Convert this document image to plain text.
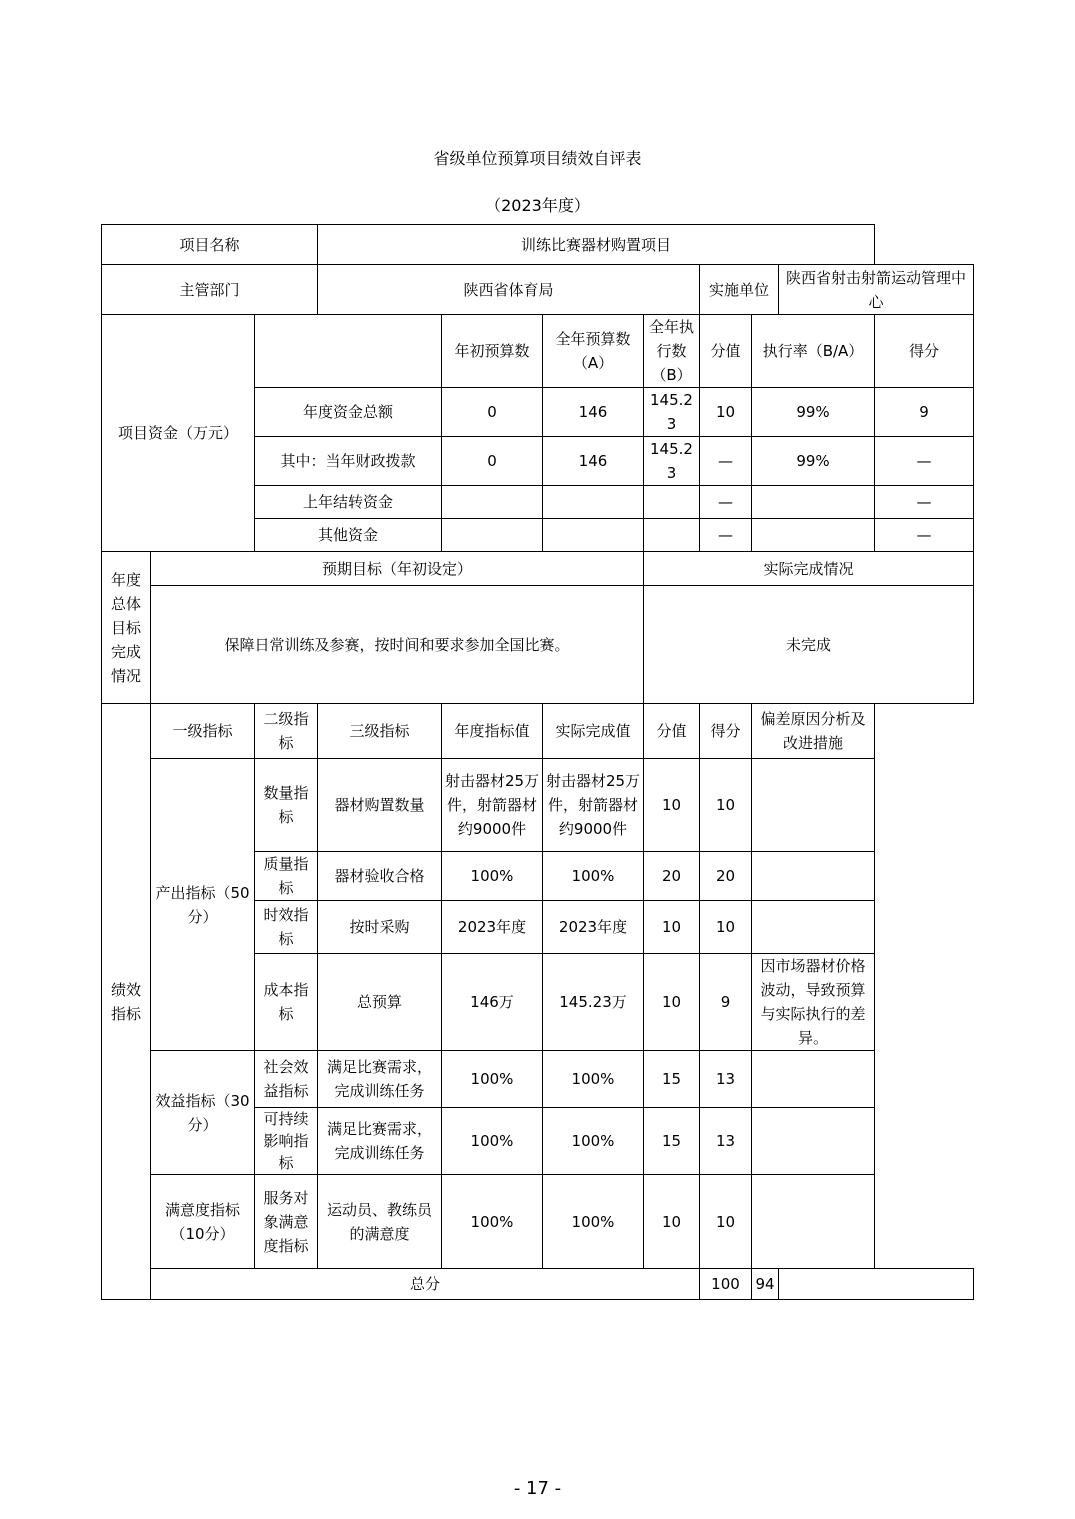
省级单位预算项目绩效自评表
（2023年度）
项目名称			训练比赛器材购置项目							
主管部门			陕西省体育局				实施单位		陕西省射击射箭运动管理中心	
项目资金（万元）				年初预算数	全年预算数（A）	全年执行数（B）	分值	执行率（B/A）		得分
		年度资金总额		0	146	145.23	10	99%		9
		其中：当年财政拨款		0	146	145.23	—	99%		—
		上年结转资金					—			—
		其他资金					—			—
年度总体目标完成情况	预期目标（年初设定）					实际完成情况				
	保障日常训练及参赛，按时间和要求参加全国比赛。					未完成				
绩效指标	一级指标	二级指标	三级指标	年度指标值	实际完成值	分值	得分	偏差原因分析及改进措施		
	产出指标（50分）	数量指标	器材购置数量	射击器材25万件，射箭器材约9000件	射击器材25万件，射箭器材约9000件	10	10			
		质量指标	器材验收合格	100%	100%	20	20			
		时效指标	按时采购	2023年度	2023年度	10	10			
		成本指标	总预算	146万	145.23万	10	9	因市场器材价格波动，导致预算与实际执行的差异。		
	效益指标（30分）	社会效益指标	满足比赛需求，完成训练任务	100%	100%	15	13			
		可持续影响指标	满足比赛需求，完成训练任务	100%	100%	15	13			
	满意度指标（10分）	服务对象满意度指标	运动员、教练员的满意度	100%	100%	10	10			
	总分						100	94		
- 17 -
